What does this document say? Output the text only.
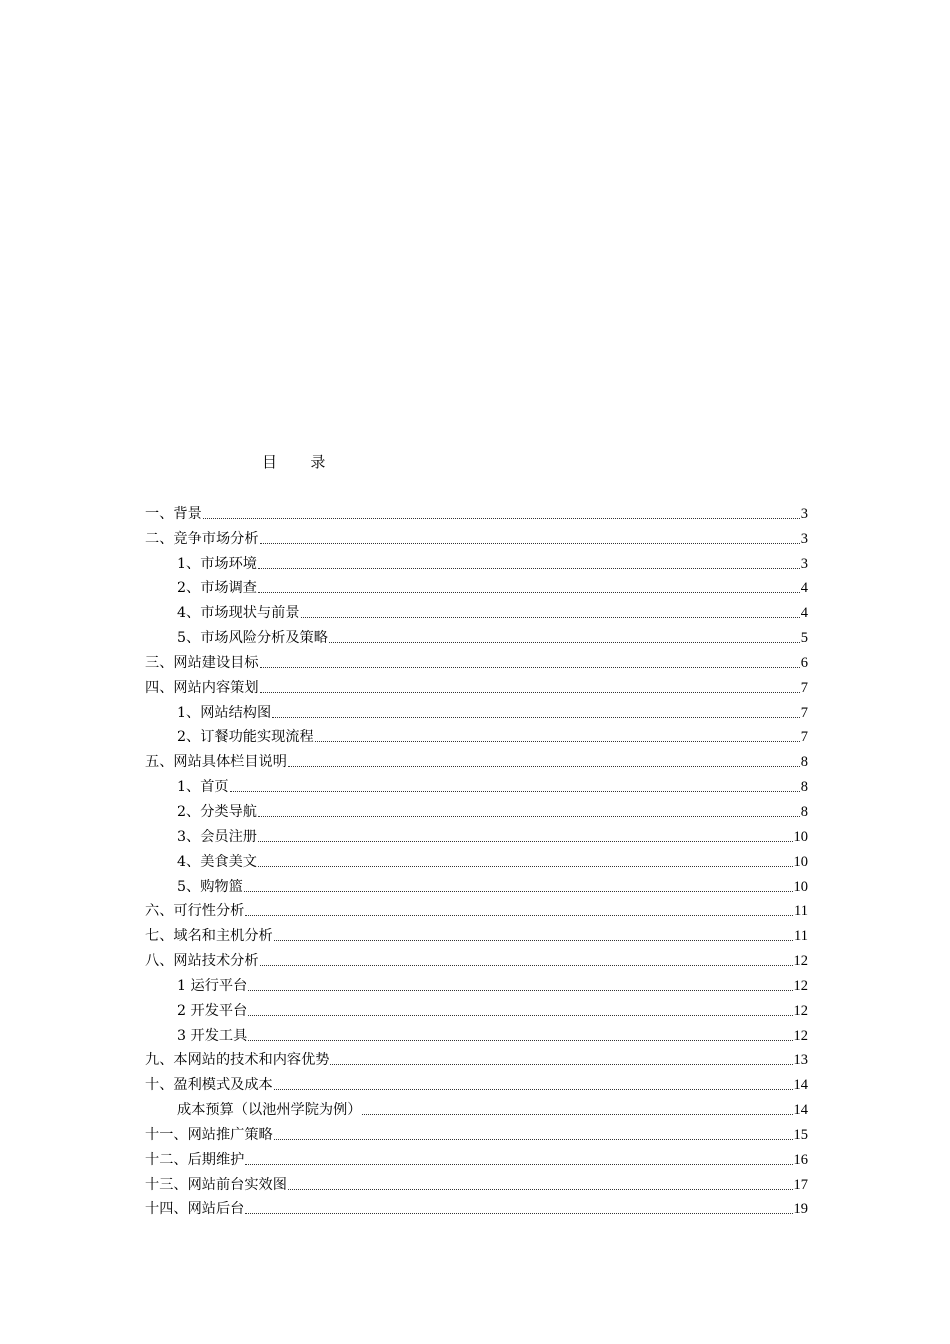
目       录
一、背景	3
二、竞争市场分析	3
1、市场环境	3
2、市场调查	4
4、市场现状与前景	4
5、市场风险分析及策略	5
三、网站建设目标	6
四、网站内容策划	7
1、网站结构图	7
2、订餐功能实现流程	7
五、网站具体栏目说明	8
1、首页	8
2、分类导航	8
3、会员注册	10
4、美食美文	10
5、购物篮	10
六、可行性分析	11
七、域名和主机分析	11
八、网站技术分析	12
1 运行平台	12
2 开发平台	12
3 开发工具	12
九、本网站的技术和内容优势	13
十、盈利模式及成本	14
成本预算（以池州学院为例）	14
十一、网站推广策略	15
十二、后期维护	16
十三、网站前台实效图	17
十四、网站后台	19
